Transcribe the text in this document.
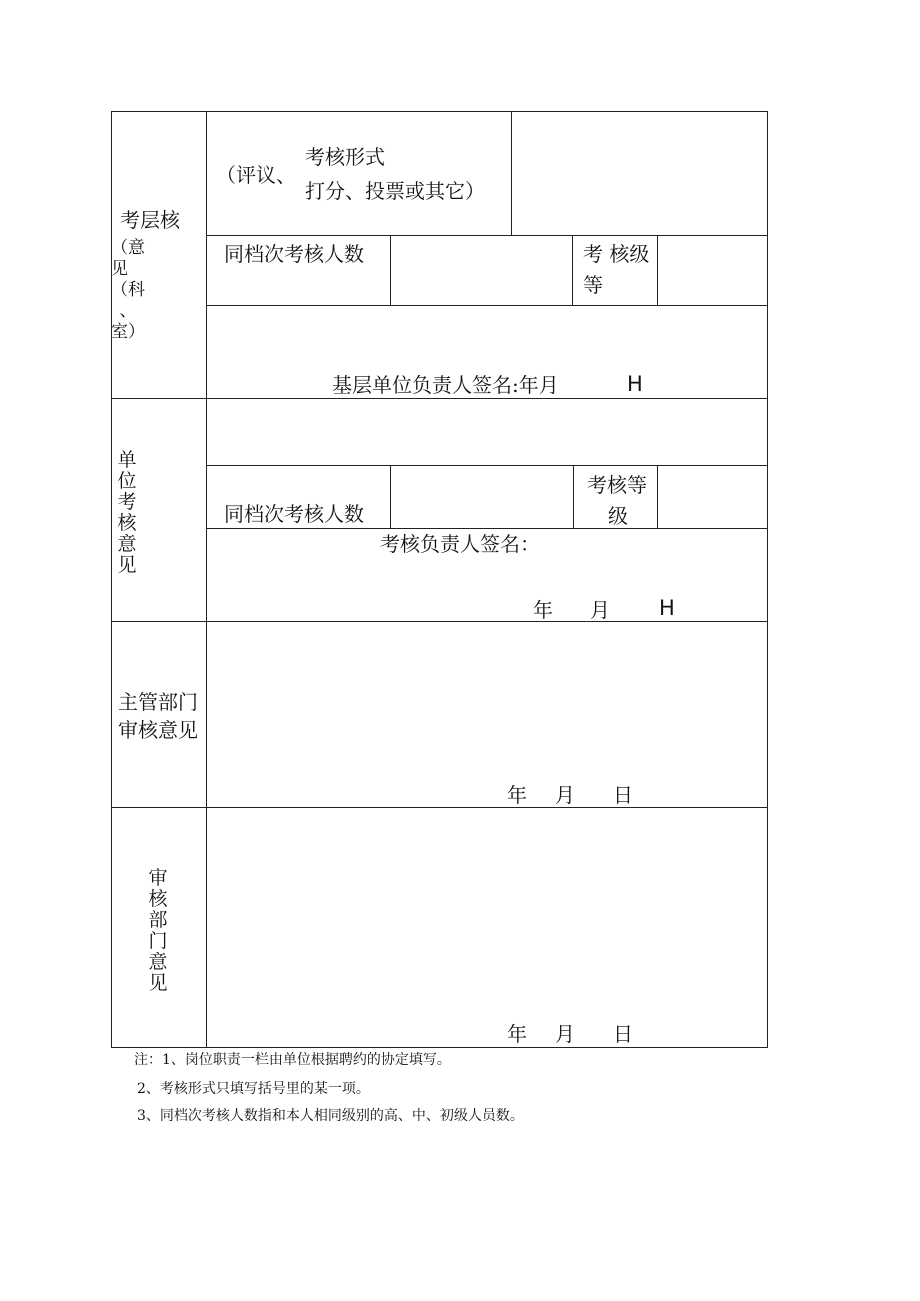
考层核
（意
见（科
、
室）
（评议、
考核形式
打分、投票或其它）
同档次考核人数	考 核级
等
基层单位负责人签名:年月	H
单
位
考
核
意
见
同档次考核人数
考核等
级
考核负责人签名：
年 月 H
主管部门
审核意见
年 月 日
审
核
部
门
意
见
年 月 日
注：1、岗位职责一栏由单位根据聘约的协定填写。
2、考核形式只填写括号里的某一项。
3、同档次考核人数指和本人相同级别的高、中、初级人员数。
